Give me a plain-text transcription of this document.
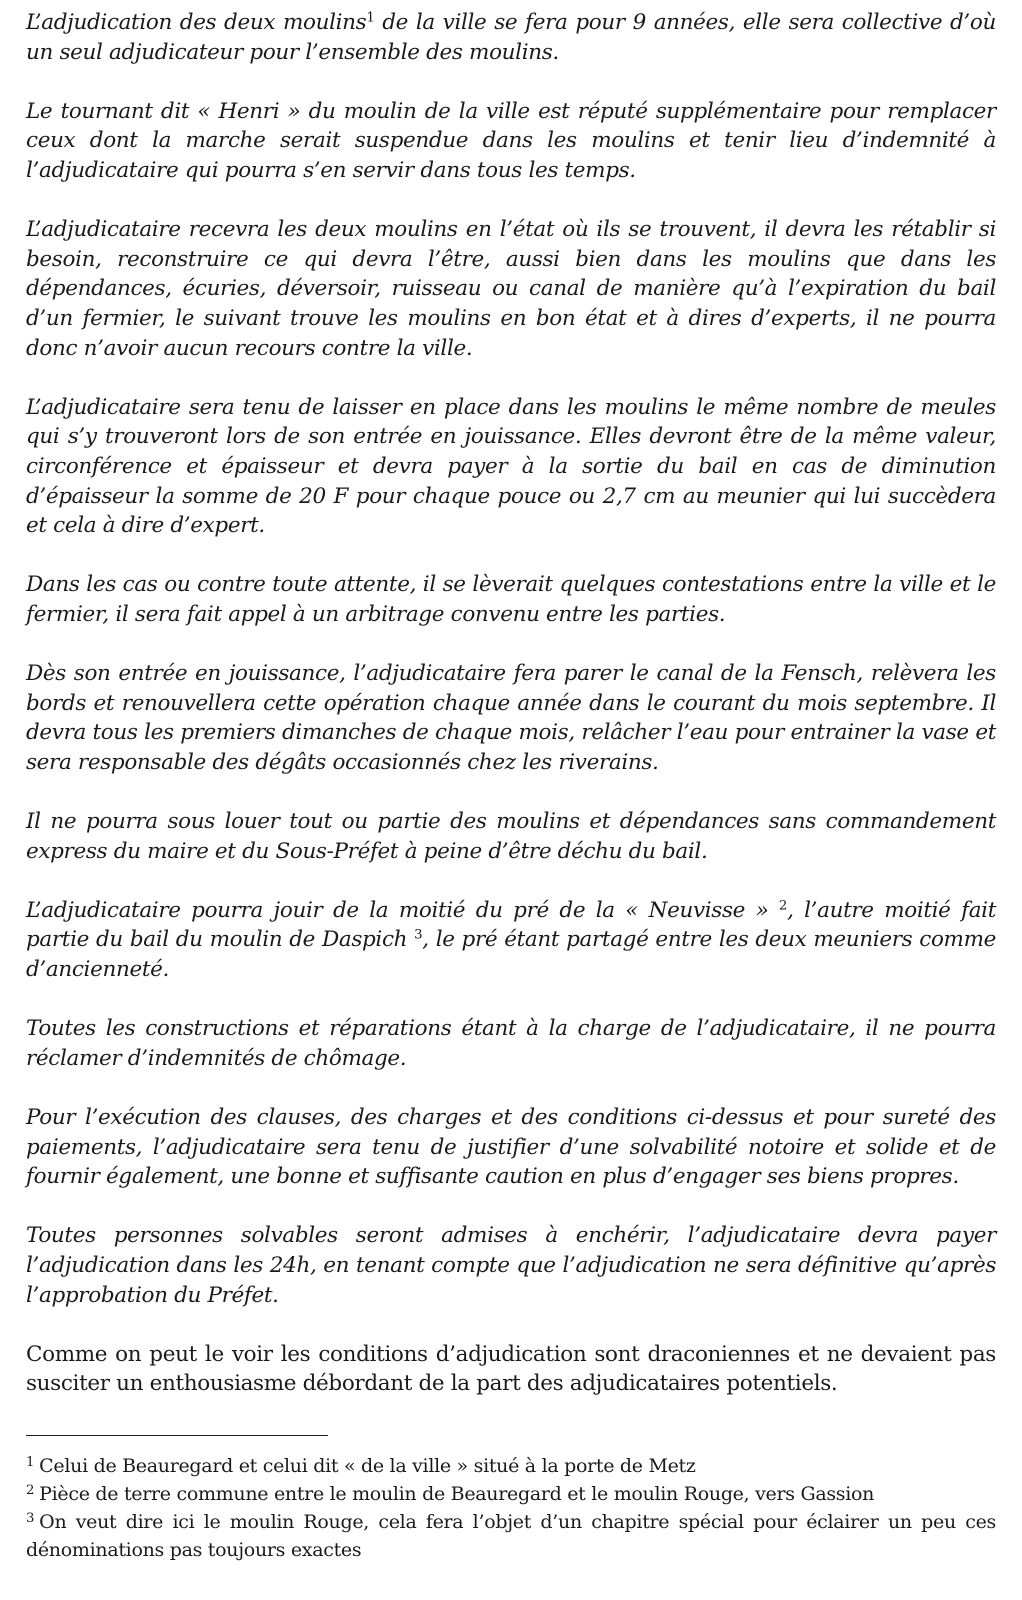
L’adjudication des deux moulins$^1$ de la ville se fera pour 9 années, elle sera collective d’où un seul adjudicateur pour l’ensemble des moulins.

Le tournant dit « Henri » du moulin de la ville est réputé supplémentaire pour remplacer ceux dont la marche serait suspendue dans les moulins et tenir lieu d’indemnité à l’adjudicataire qui pourra s’en servir dans tous les temps.

L’adjudicataire recevra les deux moulins en l’état où ils se trouvent, il devra les rétablir si besoin, reconstruire ce qui devra l’être, aussi bien dans les moulins que dans les dépendances, écuries, déversoir, ruisseau ou canal de manière qu’à l’expiration du bail d’un fermier, le suivant trouve les moulins en bon état et à dires d’experts, il ne pourra donc n’avoir aucun recours contre la ville.

L’adjudicataire sera tenu de laisser en place dans les moulins le même nombre de meules qui s’y trouveront lors de son entrée en jouissance. Elles devront être de la même valeur, circonférence et épaisseur et devra payer à la sortie du bail en cas de diminution d’épaisseur la somme de 20 F pour chaque pouce ou 2,7 cm au meunier qui lui succèdera et cela à dire d’expert.

Dans les cas ou contre toute attente, il se lèverait quelques contestations entre la ville et le fermier, il sera fait appel à un arbitrage convenu entre les parties.

Dès son entrée en jouissance, l’adjudicataire fera parer le canal de la Fensch, relèvera les bords et renouvellera cette opération chaque année dans le courant du mois septembre. Il devra tous les premiers dimanches de chaque mois, relâcher l’eau pour entrainer la vase et sera responsable des dégâts occasionnés chez les riverains.

Il ne pourra sous louer tout ou partie des moulins et dépendances sans commandement express du maire et du Sous-Préfet à peine d’être déchu du bail.

L’adjudicataire pourra jouir de la moitié du pré de la « Neuvisse » $^2$, l’autre moitié fait partie du bail du moulin de Daspich $^3$, le pré étant partagé entre les deux meuniers comme d’ancienneté.

Toutes les constructions et réparations étant à la charge de l’adjudicataire, il ne pourra réclamer d’indemnités de chômage.

Pour l’exécution des clauses, des charges et des conditions ci-dessus et pour sureté des paiements, l’adjudicataire sera tenu de justifier d’une solvabilité notoire et solide et de fournir également, une bonne et suffisante caution en plus d’engager ses biens propres.

Toutes personnes solvables seront admises à enchérir, l’adjudicataire devra payer l’adjudication dans les 24h, en tenant compte que l’adjudication ne sera définitive qu’après l’approbation du Préfet.

Comme on peut le voir les conditions d’adjudication sont draconiennes et ne devaient pas susciter un enthousiasme débordant de la part des adjudicataires potentiels.

$^1$ Celui de Beauregard et celui dit « de la ville » situé à la porte de Metz

$^2$ Pièce de terre commune entre le moulin de Beauregard et le moulin Rouge, vers Gassion

$^3$ On veut dire ici le moulin Rouge, cela fera l’objet d’un chapitre spécial pour éclairer un peu ces dénominations pas toujours exactes
